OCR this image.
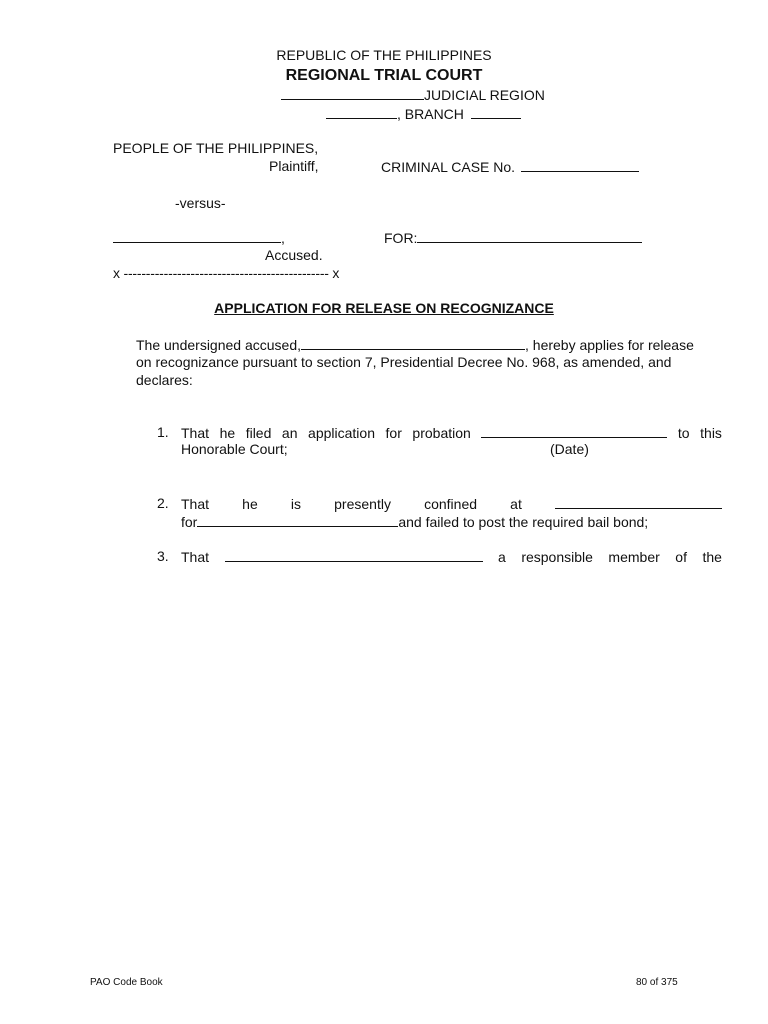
REPUBLIC OF THE PHILIPPINES
REGIONAL TRIAL COURT
JUDICIAL REGION
, BRANCH
PEOPLE OF THE PHILIPPINES,
Plaintiff,	CRIMINAL CASE No.
-versus-
,	FOR:
Accused.
x ---------------------------------------------- x
APPLICATION FOR RELEASE ON RECOGNIZANCE
The undersigned accused,	, hereby applies for release
on recognizance pursuant to section 7, Presidential Decree No. 968, as amended, and
declares:
1. That he filed an application for probation	to this
Honorable Court;	(Date)
2. That he is presently confined at
for	and failed to post the required bail bond;
3. That	a responsible member of the
PAO Code Book	80 of 375
